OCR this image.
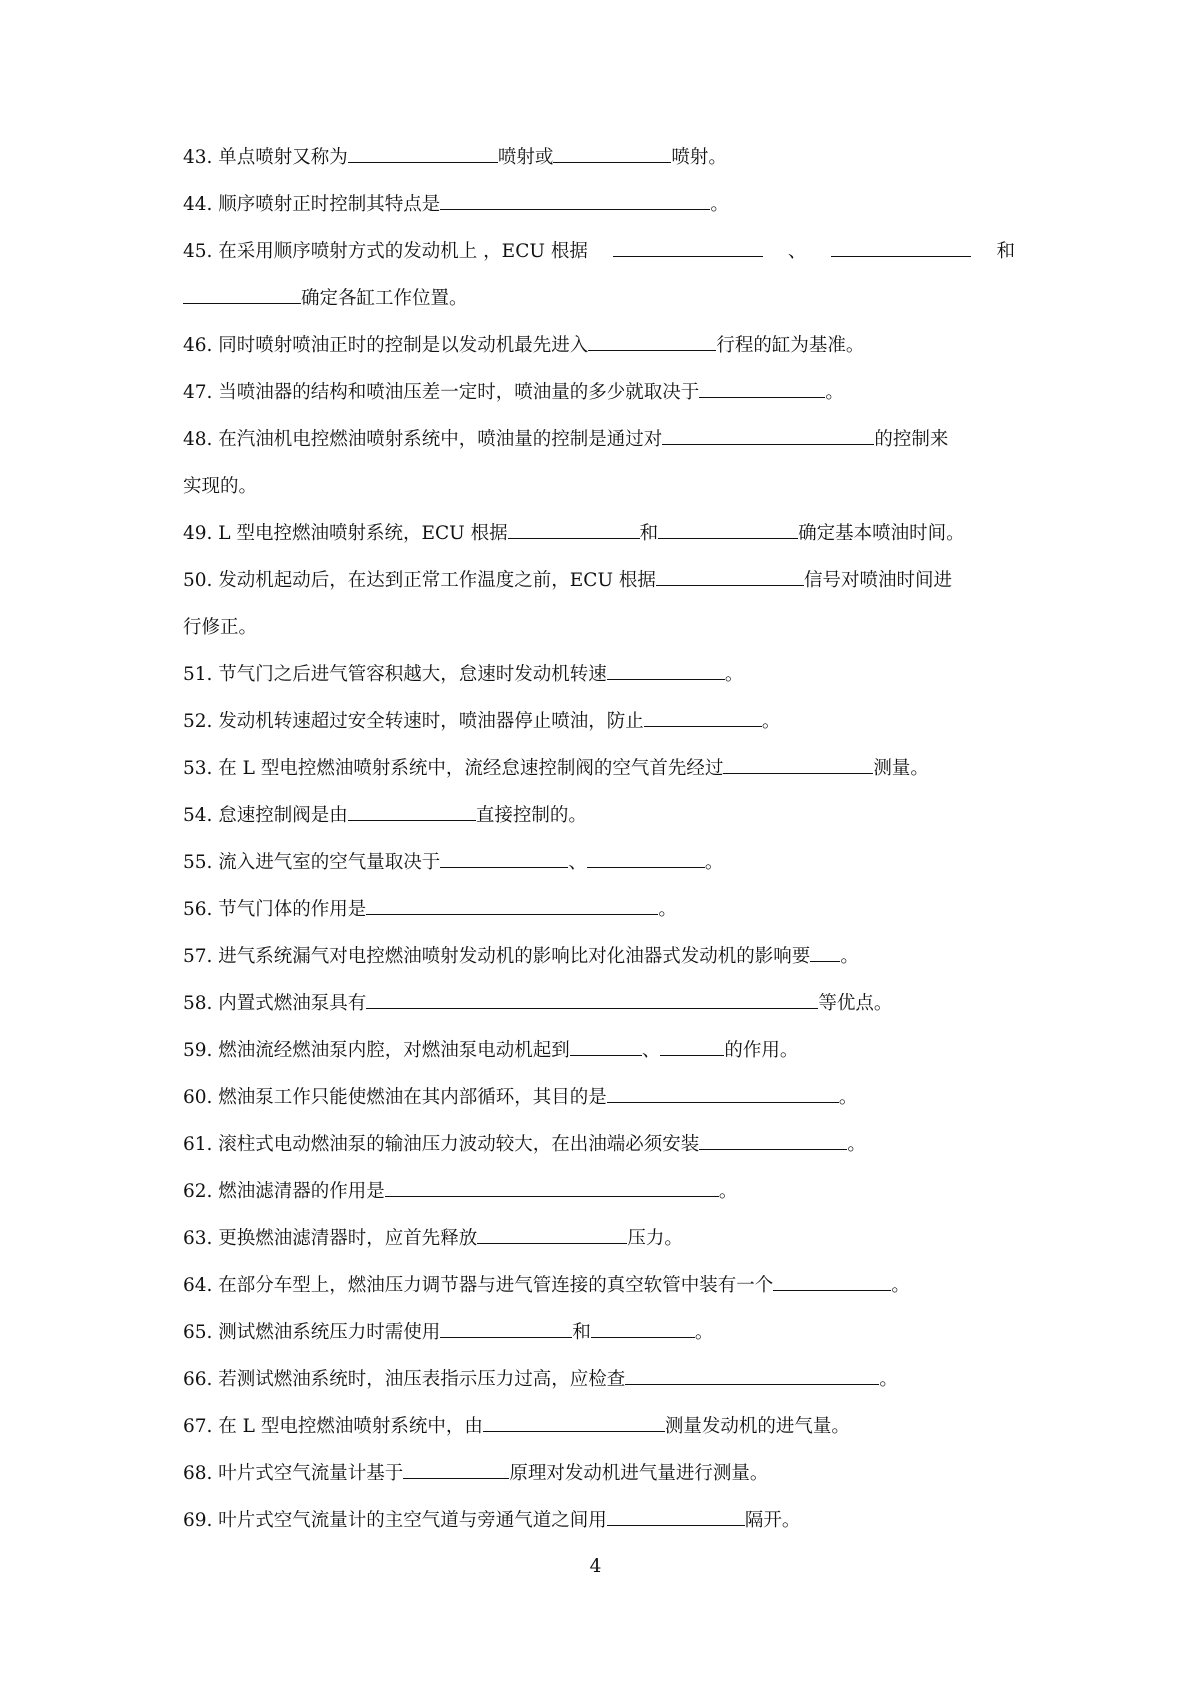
43. 单点喷射又称为	喷射或	喷射。
44. 顺序喷射正时控制其特点是	。
45. 在采用顺序喷射方式的发动机上 ，ECU 根据	、	和
确定各缸工作位置。
46. 同时喷射喷油正时的控制是以发动机最先进入	行程的缸为基准。
47. 当喷油器的结构和喷油压差一定时，喷油量的多少就取决于	。
48. 在汽油机电控燃油喷射系统中，喷油量的控制是通过对	的控制来
实现的。
49. L 型电控燃油喷射系统，ECU 根据	和	确定基本喷油时间。
50. 发动机起动后，在达到正常工作温度之前，ECU 根据	信号对喷油时间进
行修正。
51. 节气门之后进气管容积越大，怠速时发动机转速	。
52. 发动机转速超过安全转速时，喷油器停止喷油，防止	。
53. 在 L 型电控燃油喷射系统中，流经怠速控制阀的空气首先经过	测量。
54. 怠速控制阀是由	直接控制的。
55. 流入进气室的空气量取决于	、	。
56. 节气门体的作用是	。
57. 进气系统漏气对电控燃油喷射发动机的影响比对化油器式发动机的影响要 。
58. 内置式燃油泵具有	等优点。
59. 燃油流经燃油泵内腔，对燃油泵电动机起到	、	的作用。
60. 燃油泵工作只能使燃油在其内部循环，其目的是	。
61. 滚柱式电动燃油泵的输油压力波动较大，在出油端必须安装	。
62. 燃油滤清器的作用是	。
63. 更换燃油滤清器时，应首先释放	压力。
64. 在部分车型上，燃油压力调节器与进气管连接的真空软管中装有一个	。
65. 测试燃油系统压力时需使用	和	。
66. 若测试燃油系统时，油压表指示压力过高，应检查	。
67. 在 L 型电控燃油喷射系统中，由	测量发动机的进气量。
68. 叶片式空气流量计基于	原理对发动机进气量进行测量。
69. 叶片式空气流量计的主空气道与旁通气道之间用	隔开。
4
